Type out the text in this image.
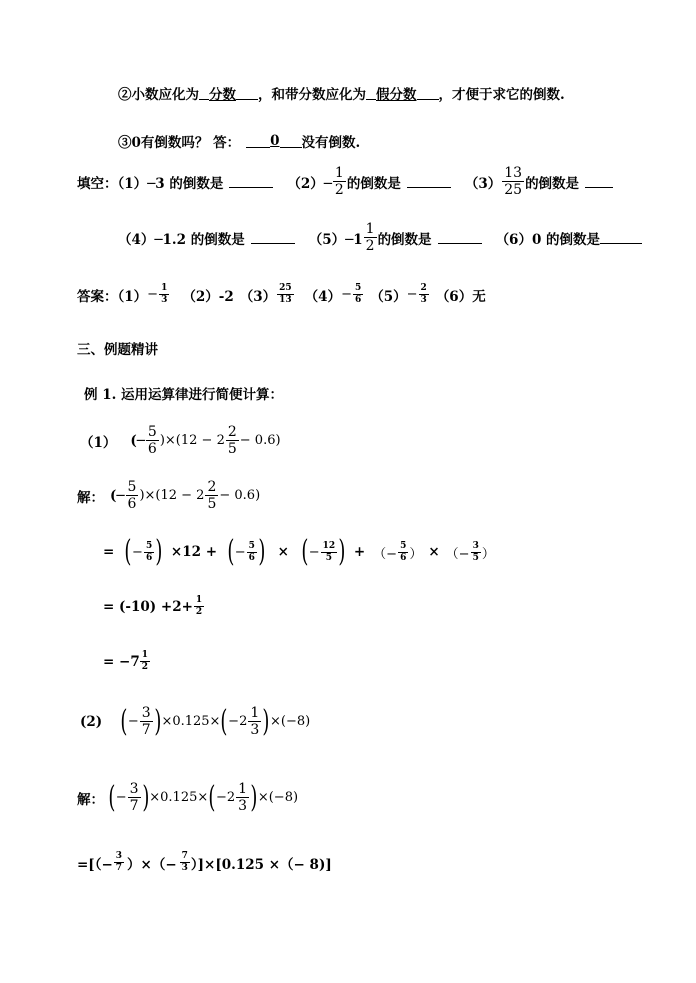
②小数应化为 分数 ，和带分数应化为 假分数 ，才便于求它的倒数.
③0有倒数吗？ 答： 0 没有倒数.
填空：（1）─3 的倒数是	（2）─ $\frac{1}{2}$ 的倒数是	$(3) \frac{13}{25}$ 的倒数是
（4）─1.2 的倒数是	（5）─1 $\frac{1}{2}$ 的倒数是	（6）0 的倒数是
答案：$(1) - \frac{1}{3} (2)-2$ $(3) \frac{25}{13} (4) - \frac{5}{6} (5) - \frac{2}{3} (6)$无
三、例题精讲
例 1. 运用运算律进行简便计算：
（1） (─ $\frac{5}{6} )\times(12 - 2 \frac{2}{5} - 0.6)$
解： (─ $\frac{5}{6} )\times(12 - 2 \frac{2}{5} - 0.6)$
= ( − $\frac{5}{6}$ ) ×12 + ( − $\frac{5}{6}$ ) × ( − $\frac{12}{5}$ ) + （− $\frac{5}{6}$ ） × （− $\frac{3}{5}$ ）
= $(-10) +2+ \frac{1}{2}$
= $-7 \frac{1}{2}$
(2) ( − $\frac{3}{7}$ ) ×0.125× ( $-2 \frac{1}{3}$ ) × ( −8 )
解： ( − $\frac{3}{7}$ ) ×0.125× ( $-2 \frac{1}{3}$ ) × ( −8 )
=[（− $\frac{3}{7}$ ）×（− $\frac{7}{3} )]\times[0.125$ ×（− 8)]
